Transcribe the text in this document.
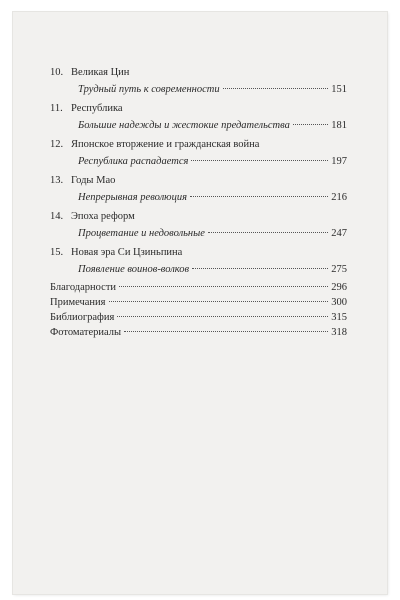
10. Великая Цин
Трудный путь к современности	151
11. Республика
Большие надежды и жестокие предательства	181
12. Японское вторжение и гражданская война
Республика распадается	197
13. Годы Мао
Непрерывная революция	216
14. Эпоха реформ
Процветание и недовольные	247
15. Новая эра Си Цзиньпина
Появление воинов-волков	275
Благодарности	296
Примечания	300
Библиография	315
Фотоматериалы	318
